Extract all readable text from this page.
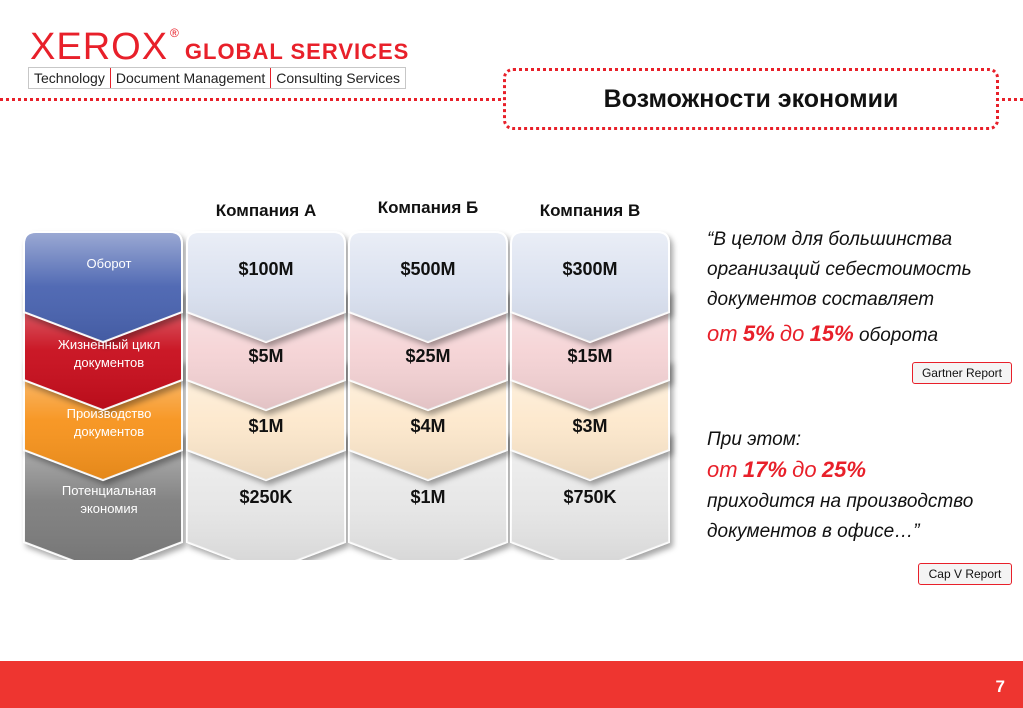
XEROX ®GLOBAL SERVICES
Technology Document Management Consulting Services
Возможности экономии
Оборот
Жизненный цикл
документов
Производство
документов
Потенциальная
экономия
Компания А
$100M
$5M
$1M
$250K
Компания Б
$500M
$25M
$4M
$1M
Компания В
$300M
$15M
$3M
$750K
“В целом для большинства
организаций себестоимость
документов составляет
от 5% до 15% оборота
Gartner Report
При этом:
от 17% до 25%
приходится на производство
документов в офисе…”
Cap V Report
7
